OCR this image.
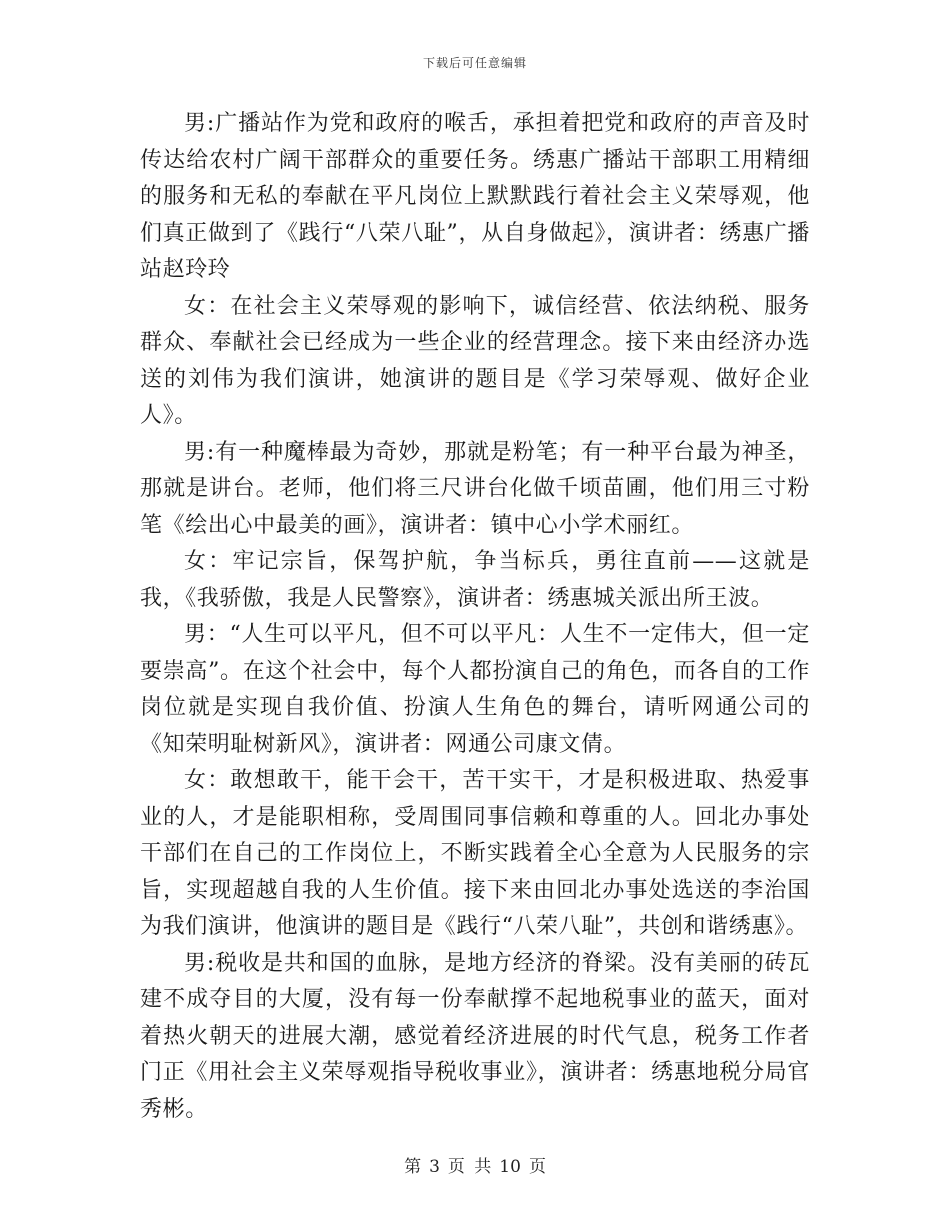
下载后可任意编辑

男:广播站作为党和政府的喉舌，承担着把党和政府的声音及时传达给农村广阔干部群众的重要任务。绣惠广播站干部职工用精细的服务和无私的奉献在平凡岗位上默默践行着社会主义荣辱观，他们真正做到了《践行“八荣八耻”，从自身做起》，演讲者：绣惠广播站赵玲玲

女：在社会主义荣辱观的影响下，诚信经营、依法纳税、服务群众、奉献社会已经成为一些企业的经营理念。接下来由经济办选送的刘伟为我们演讲，她演讲的题目是《学习荣辱观、做好企业人》。

男:有一种魔棒最为奇妙，那就是粉笔；有一种平台最为神圣，那就是讲台。老师，他们将三尺讲台化做千顷苗圃，他们用三寸粉笔《绘出心中最美的画》，演讲者：镇中心小学术丽红。

女：牢记宗旨，保驾护航，争当标兵，勇往直前——这就是我，《我骄傲，我是人民警察》，演讲者：绣惠城关派出所王波。

男：“人生可以平凡，但不可以平凡：人生不一定伟大，但一定要崇高”。在这个社会中，每个人都扮演自己的角色，而各自的工作岗位就是实现自我价值、扮演人生角色的舞台，请听网通公司的《知荣明耻树新风》，演讲者：网通公司康文倩。

女：敢想敢干，能干会干，苦干实干，才是积极进取、热爱事业的人，才是能职相称，受周围同事信赖和尊重的人。回北办事处干部们在自己的工作岗位上，不断实践着全心全意为人民服务的宗旨，实现超越自我的人生价值。接下来由回北办事处选送的李治国为我们演讲，他演讲的题目是《践行“八荣八耻”，共创和谐绣惠》。

男:税收是共和国的血脉，是地方经济的脊梁。没有美丽的砖瓦建不成夺目的大厦，没有每一份奉献撑不起地税事业的蓝天，面对着热火朝天的进展大潮，感觉着经济进展的时代气息，税务工作者门正《用社会主义荣辱观指导税收事业》，演讲者：绣惠地税分局官秀彬。

第 3 页 共 10 页
